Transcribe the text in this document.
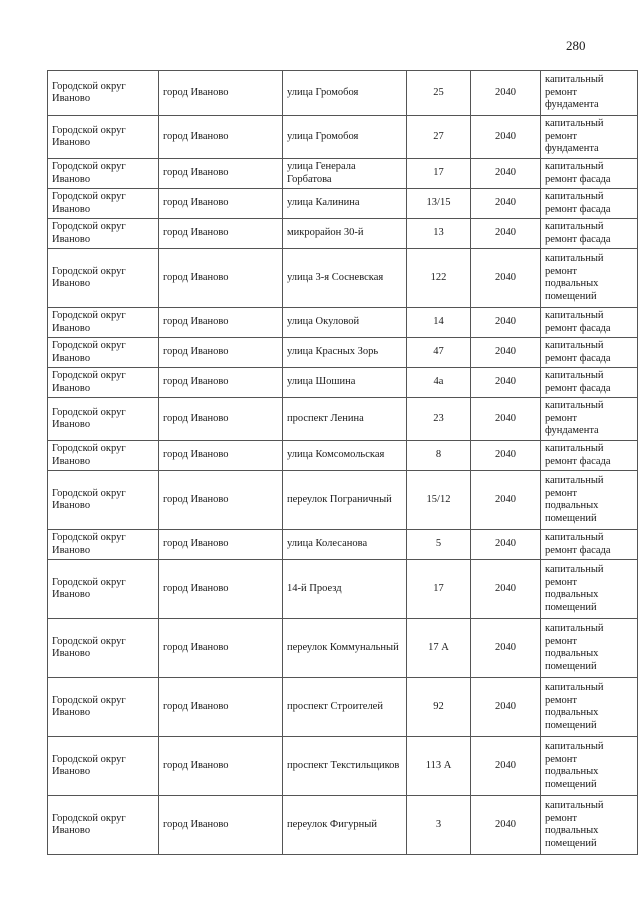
280
Городской округ Иваново	город Иваново	улица Громобоя	25	2040	капитальный ремонт фундамента
Городской округ Иваново	город Иваново	улица Громобоя	27	2040	капитальный ремонт фундамента
Городской округ Иваново	город Иваново	улица Генерала Горбатова	17	2040	капитальный ремонт фасада
Городской округ Иваново	город Иваново	улица Калинина	13/15	2040	капитальный ремонт фасада
Городской округ Иваново	город Иваново	микрорайон 30-й	13	2040	капитальный ремонт фасада
Городской округ Иваново	город Иваново	улица 3-я Сосневская	122	2040	капитальный ремонт подвальных помещений
Городской округ Иваново	город Иваново	улица Окуловой	14	2040	капитальный ремонт фасада
Городской округ Иваново	город Иваново	улица Красных Зорь	47	2040	капитальный ремонт фасада
Городской округ Иваново	город Иваново	улица Шошина	4а	2040	капитальный ремонт фасада
Городской округ Иваново	город Иваново	проспект Ленина	23	2040	капитальный ремонт фундамента
Городской округ Иваново	город Иваново	улица Комсомольская	8	2040	капитальный ремонт фасада
Городской округ Иваново	город Иваново	переулок Пограничный	15/12	2040	капитальный ремонт подвальных помещений
Городской округ Иваново	город Иваново	улица Колесанова	5	2040	капитальный ремонт фасада
Городской округ Иваново	город Иваново	14-й Проезд	17	2040	капитальный ремонт подвальных помещений
Городской округ Иваново	город Иваново	переулок Коммунальный	17 А	2040	капитальный ремонт подвальных помещений
Городской округ Иваново	город Иваново	проспект Строителей	92	2040	капитальный ремонт подвальных помещений
Городской округ Иваново	город Иваново	проспект Текстильщиков	113 А	2040	капитальный ремонт подвальных помещений
Городской округ Иваново	город Иваново	переулок Фигурный	3	2040	капитальный ремонт подвальных помещений
